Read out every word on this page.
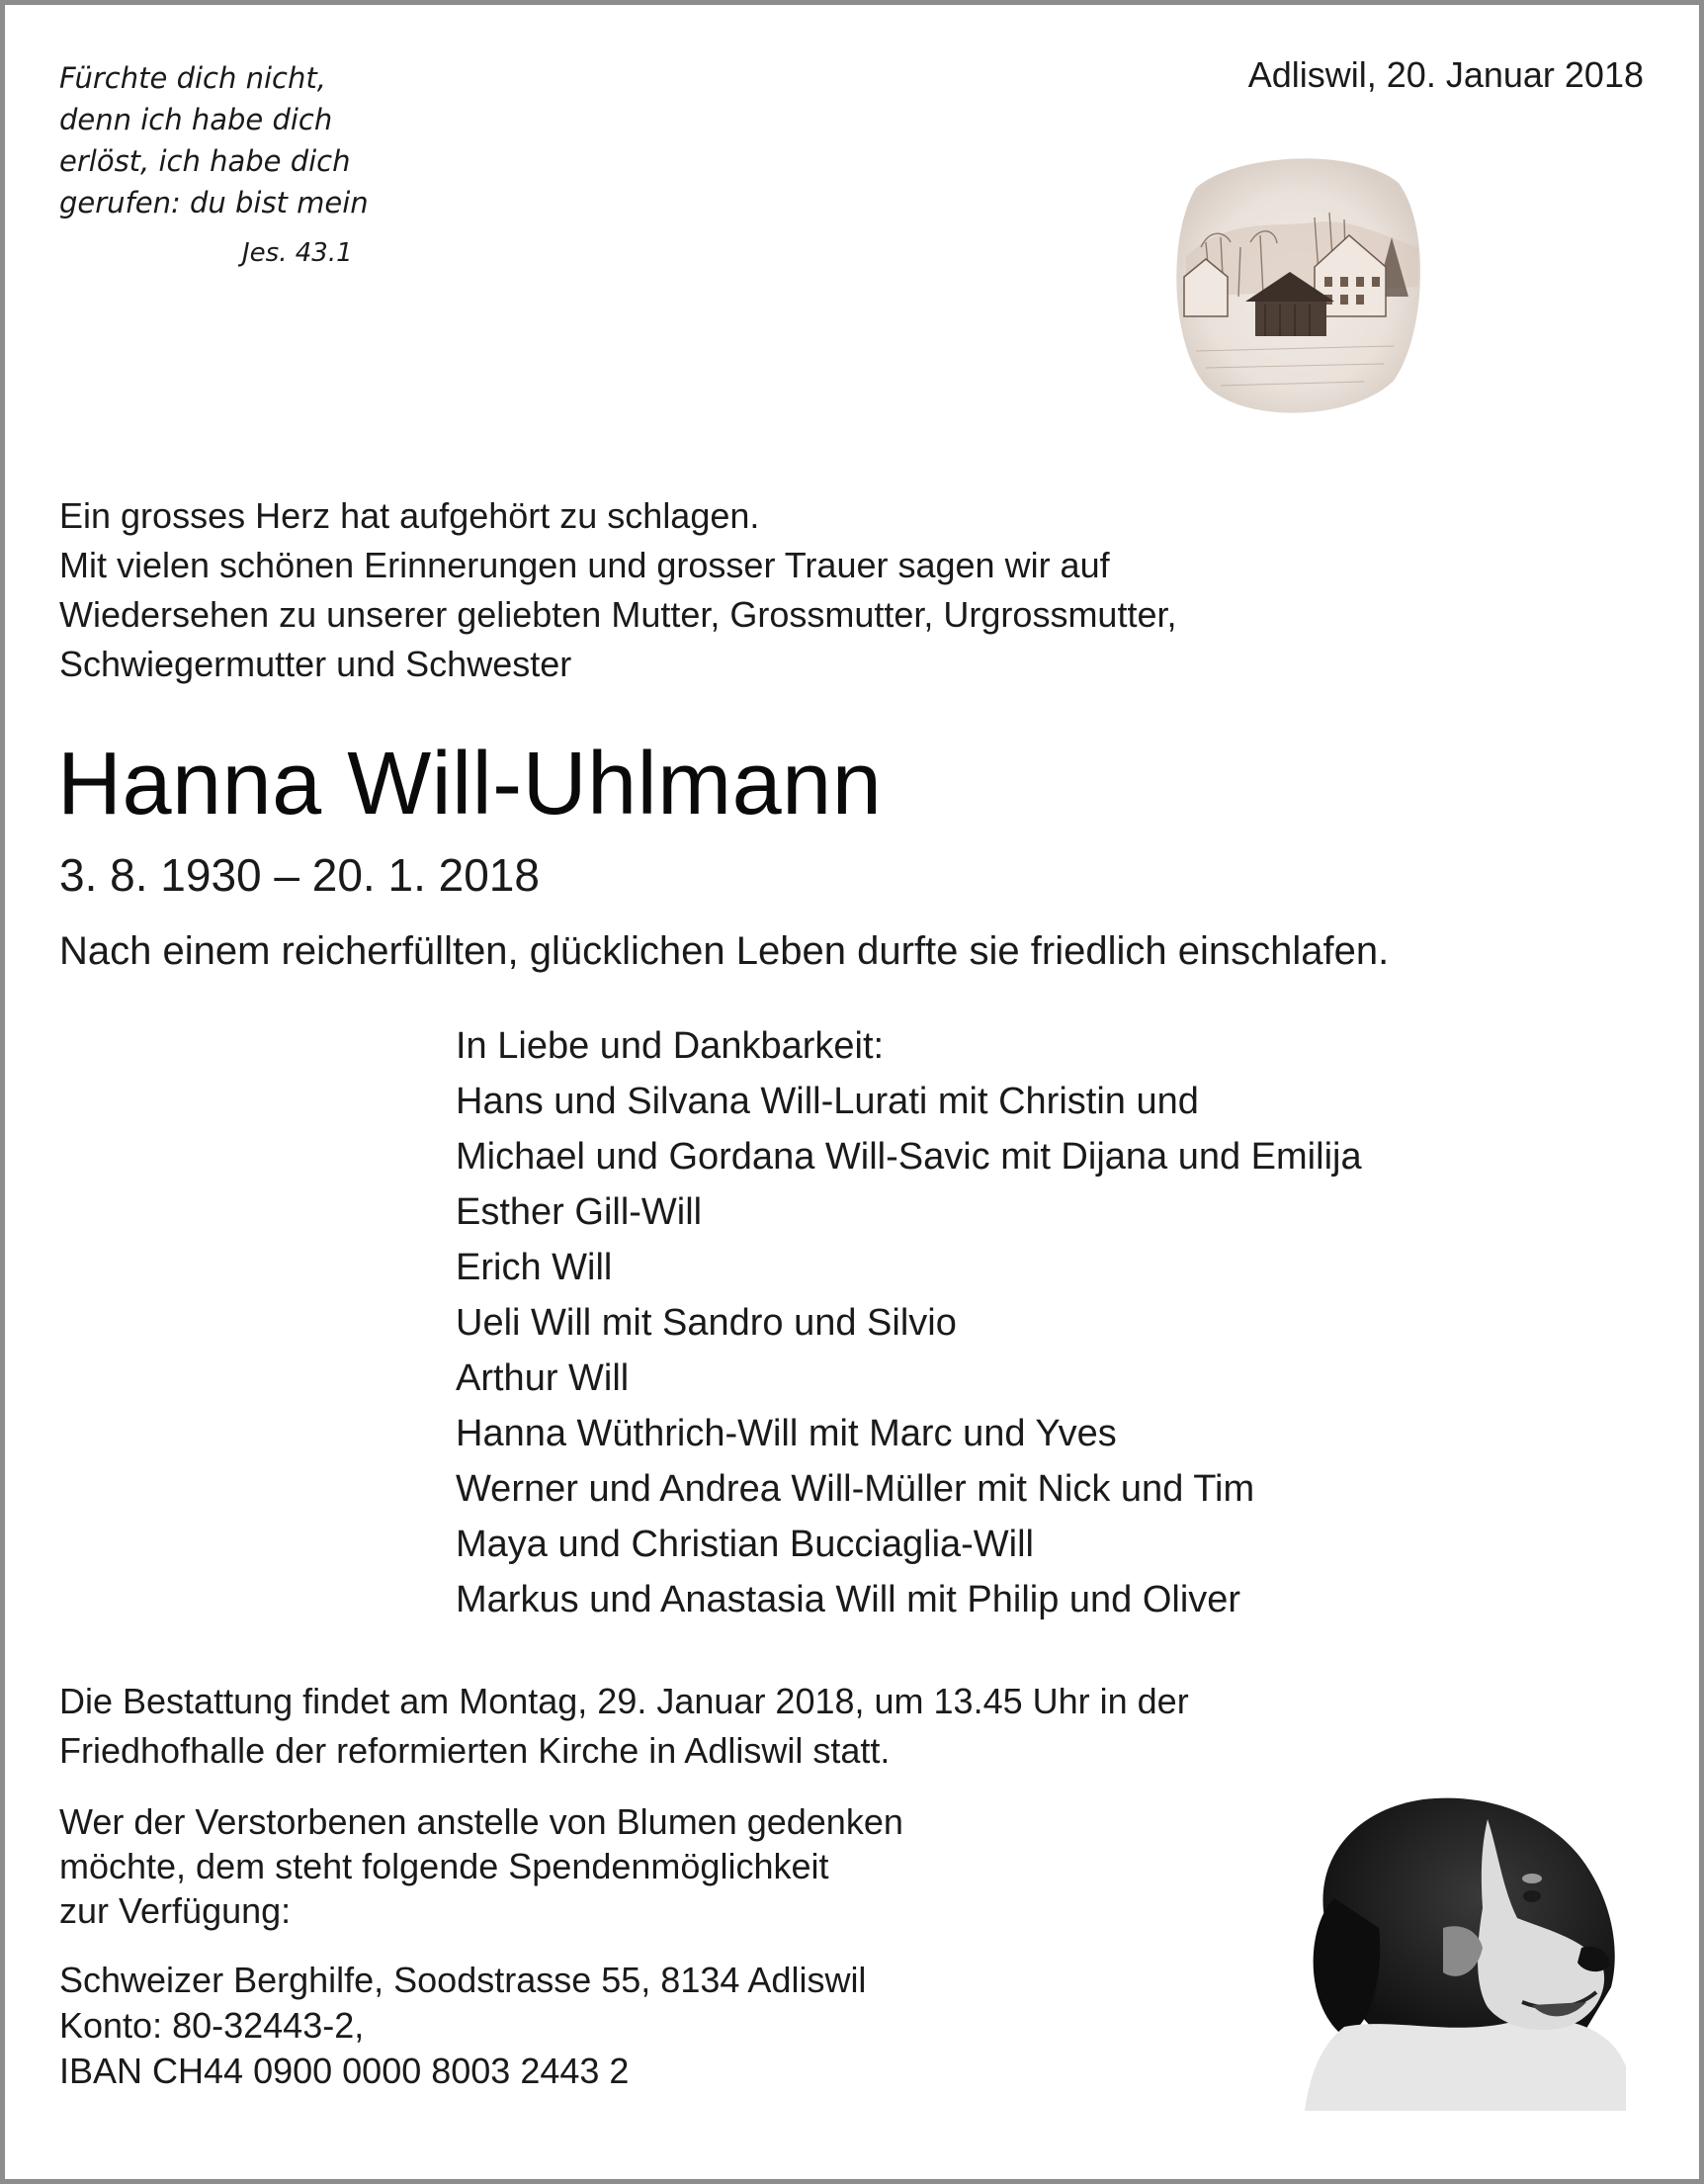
Fürchte dich nicht,
denn ich habe dich
erlöst, ich habe dich
gerufen: du bist mein

Jes. 43.1

Adliswil, 20. Januar 2018

Ein grosses Herz hat aufgehört zu schlagen.
Mit vielen schönen Erinnerungen und grosser Trauer sagen wir auf
Wiedersehen zu unserer geliebten Mutter, Grossmutter, Urgrossmutter,
Schwiegermutter und Schwester
Hanna Will-Uhlmann

3. 8. 1930 – 20. 1. 2018

Nach einem reicherfüllten, glücklichen Leben durfte sie friedlich einschlafen.

In Liebe und Dankbarkeit:
Hans und Silvana Will-Lurati mit Christin und
Michael und Gordana Will-Savic mit Dijana und Emilija
Esther Gill-Will
Erich Will
Ueli Will mit Sandro und Silvio
Arthur Will
Hanna Wüthrich-Will mit Marc und Yves
Werner und Andrea Will-Müller mit Nick und Tim
Maya und Christian Bucciaglia-Will
Markus und Anastasia Will mit Philip und Oliver
Die Bestattung findet am Montag, 29. Januar 2018, um 13.45 Uhr in der
Friedhofhalle der reformierten Kirche in Adliswil statt.
Wer der Verstorbenen anstelle von Blumen gedenken
möchte, dem steht folgende Spendenmöglichkeit
zur Verfügung:
Schweizer Berghilfe, Soodstrasse 55, 8134 Adliswil
Konto: 80-32443-2,
IBAN CH44 0900 0000 8003 2443 2
